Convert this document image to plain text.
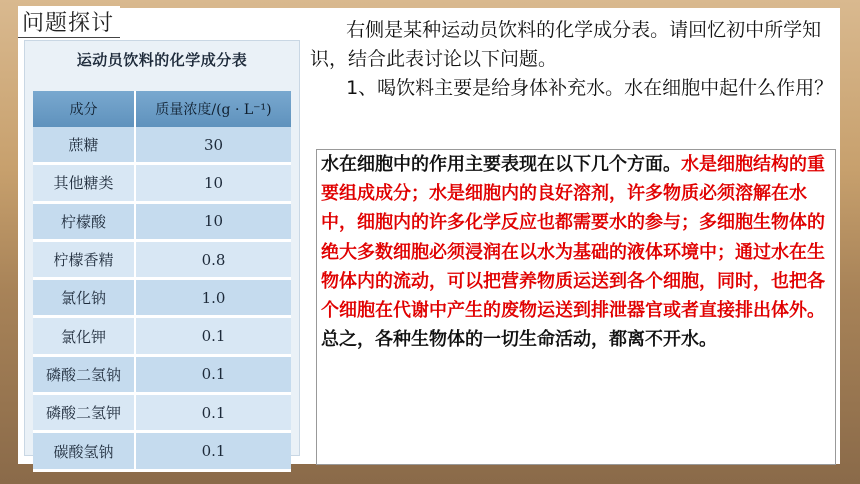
问题探讨
运动员饮料的化学成分表
成分	质量浓度/(g · L⁻¹)
蔗糖	30
其他糖类	10
柠檬酸	10
柠檬香精	0.8
氯化钠	1.0
氯化钾	0.1
磷酸二氢钠	0.1
磷酸二氢钾	0.1
碳酸氢钠	0.1

右侧是某种运动员饮料的化学成分表。请回忆初中所学知识，结合此表讨论以下问题。

1、喝饮料主要是给身体补充水。水在细胞中起什么作用？

水在细胞中的作用主要表现在以下几个方面。水是细胞结构的重要组成成分；水是细胞内的良好溶剂，许多物质必须溶解在水中，细胞内的许多化学反应也都需要水的参与；多细胞生物体的绝大多数细胞必须浸润在以水为基础的液体环境中；通过水在生物体内的流动，可以把营养物质运送到各个细胞，同时，也把各个细胞在代谢中产生的废物运送到排泄器官或者直接排出体外。总之，各种生物体的一切生命活动，都离不开水。
